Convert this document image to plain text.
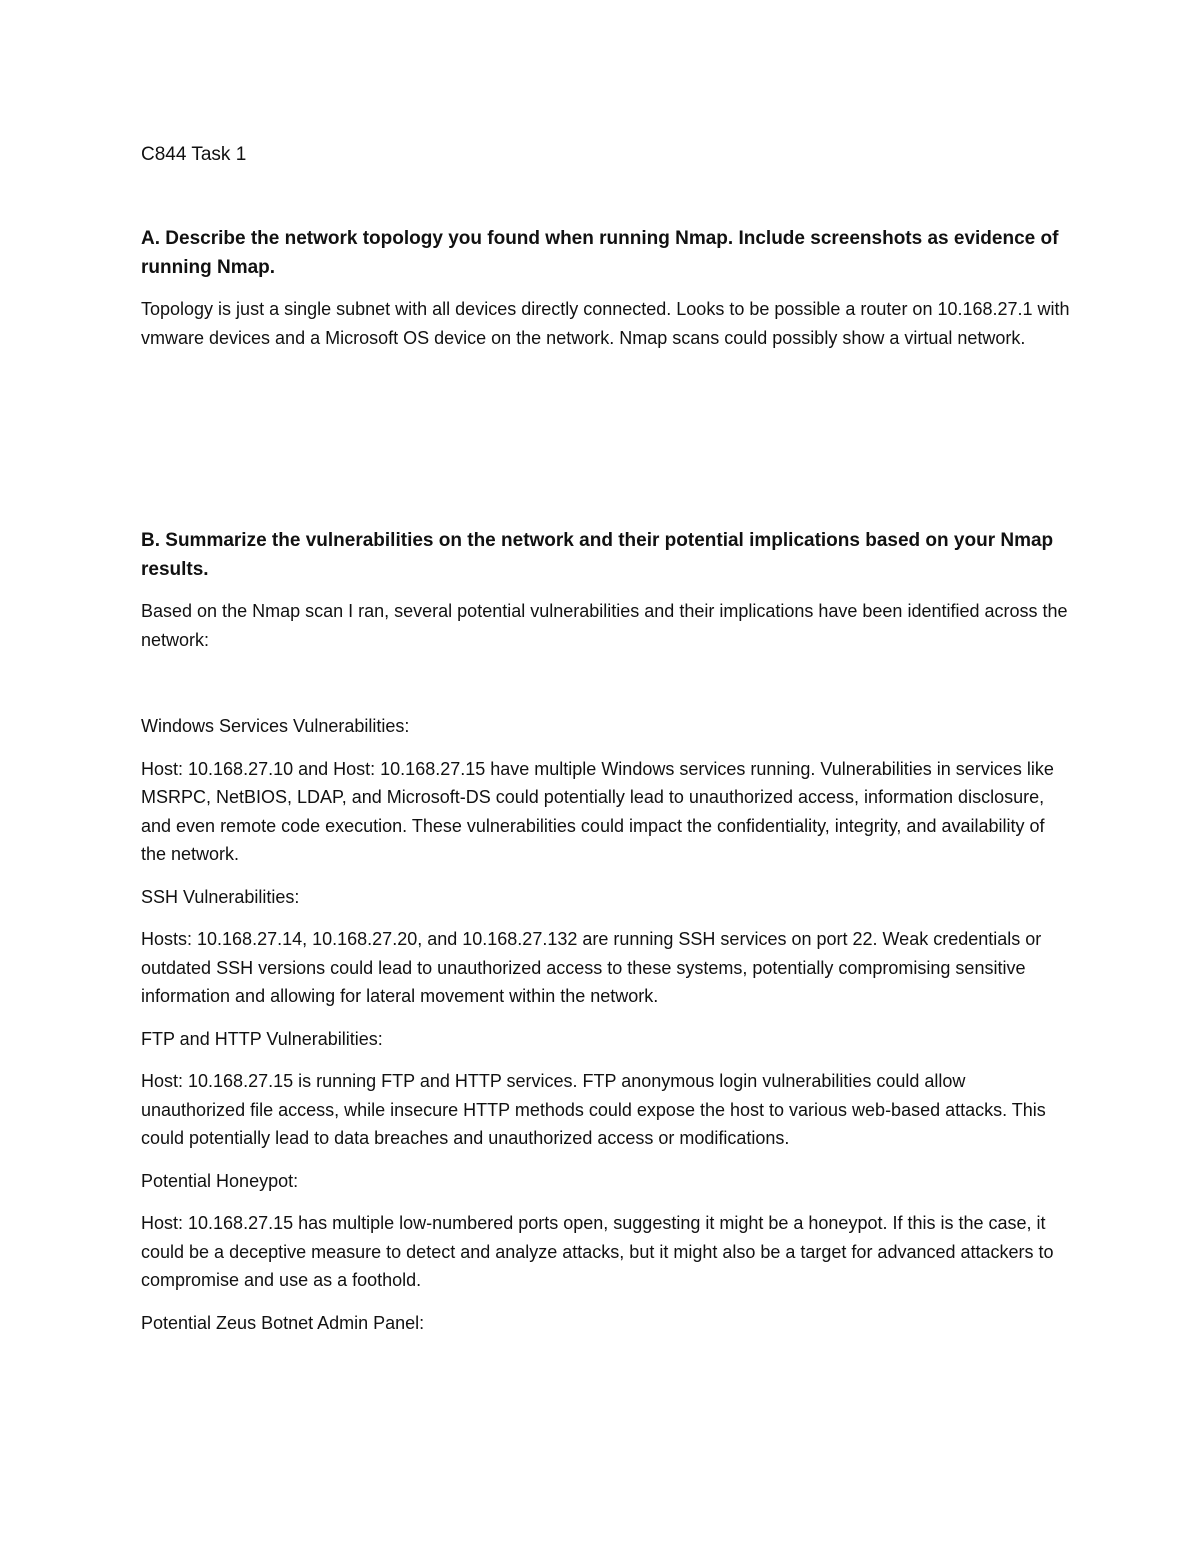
C844 Task 1
A. Describe the network topology you found when running Nmap. Include screenshots as evidence of running Nmap.
Topology is just a single subnet with all devices directly connected. Looks to be possible a router on 10.168.27.1 with vmware devices and a Microsoft OS device on the network. Nmap scans could possibly show a virtual network.
B. Summarize the vulnerabilities on the network and their potential implications based on your Nmap results.
Based on the Nmap scan I ran, several potential vulnerabilities and their implications have been identified across the network:
Windows Services Vulnerabilities:
Host: 10.168.27.10 and Host: 10.168.27.15 have multiple Windows services running. Vulnerabilities in services like MSRPC, NetBIOS, LDAP, and Microsoft-DS could potentially lead to unauthorized access, information disclosure, and even remote code execution. These vulnerabilities could impact the confidentiality, integrity, and availability of the network.
SSH Vulnerabilities:
Hosts: 10.168.27.14, 10.168.27.20, and 10.168.27.132 are running SSH services on port 22. Weak credentials or outdated SSH versions could lead to unauthorized access to these systems, potentially compromising sensitive information and allowing for lateral movement within the network.
FTP and HTTP Vulnerabilities:
Host: 10.168.27.15 is running FTP and HTTP services. FTP anonymous login vulnerabilities could allow unauthorized file access, while insecure HTTP methods could expose the host to various web-based attacks. This could potentially lead to data breaches and unauthorized access or modifications.
Potential Honeypot:
Host: 10.168.27.15 has multiple low-numbered ports open, suggesting it might be a honeypot. If this is the case, it could be a deceptive measure to detect and analyze attacks, but it might also be a target for advanced attackers to compromise and use as a foothold.
Potential Zeus Botnet Admin Panel:
